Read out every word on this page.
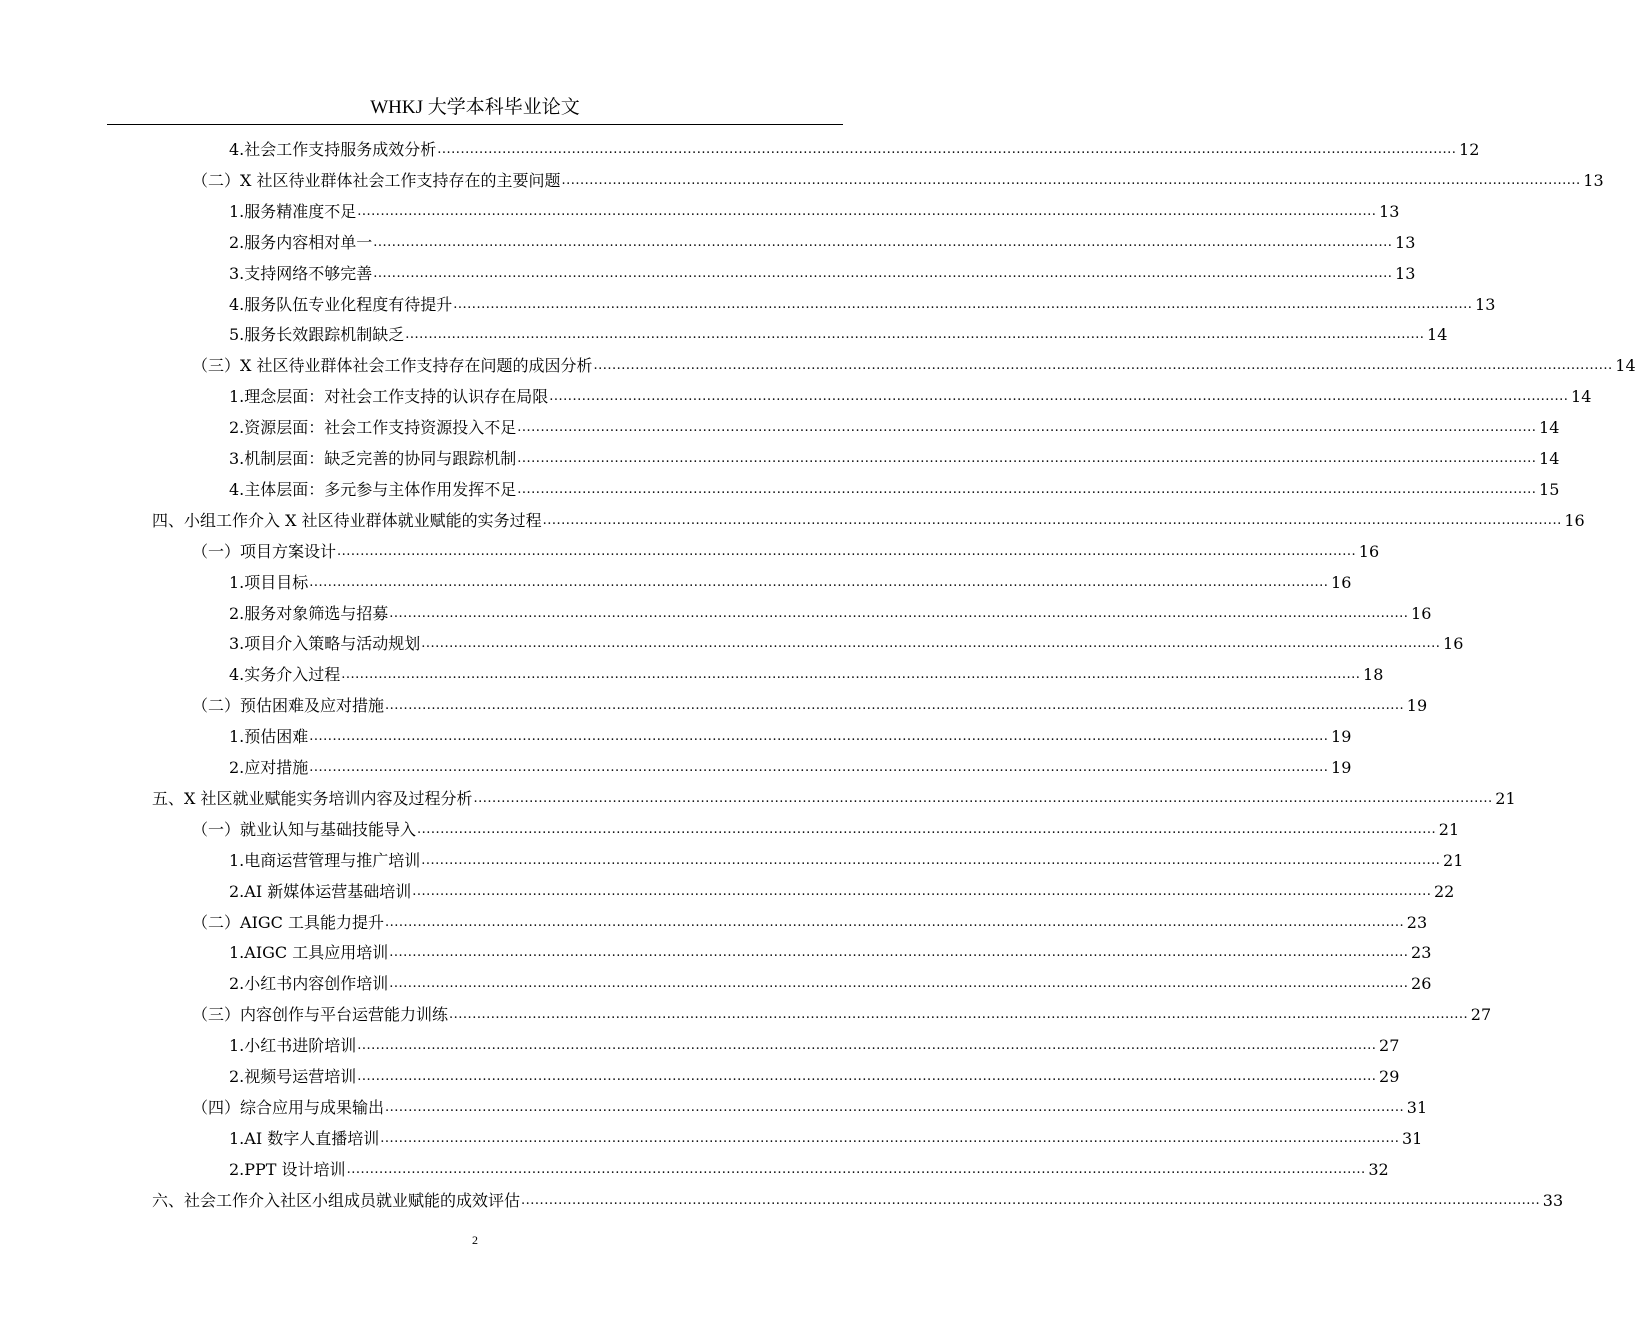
WHKJ 大学本科毕业论文
4. 社会工作支持服务成效分析 ............................................................................................................................................................................................................................ 12
（二） X 社区待业群体社会工作支持存在的主要问题 ............................................................................................................................................................................................................................ 13
1. 服务精准度不足 ............................................................................................................................................................................................................................ 13
2. 服务内容相对单一 ............................................................................................................................................................................................................................ 13
3. 支持网络不够完善 ............................................................................................................................................................................................................................ 13
4. 服务队伍专业化程度有待提升 ............................................................................................................................................................................................................................ 13
5. 服务长效跟踪机制缺乏 ............................................................................................................................................................................................................................ 14
（三） X 社区待业群体社会工作支持存在问题的成因分析 ............................................................................................................................................................................................................................ 14
1. 理念层面：对社会工作支持的认识存在局限 ............................................................................................................................................................................................................................ 14
2. 资源层面：社会工作支持资源投入不足 ............................................................................................................................................................................................................................ 14
3. 机制层面：缺乏完善的协同与跟踪机制 ............................................................................................................................................................................................................................ 14
4. 主体层面：多元参与主体作用发挥不足 ............................................................................................................................................................................................................................ 15
四、 小组工作介入 X 社区待业群体就业赋能的实务过程 ............................................................................................................................................................................................................................ 16
（一） 项目方案设计 ............................................................................................................................................................................................................................ 16
1. 项目目标 ............................................................................................................................................................................................................................ 16
2. 服务对象筛选与招募 ............................................................................................................................................................................................................................ 16
3. 项目介入策略与活动规划 ............................................................................................................................................................................................................................ 16
4. 实务介入过程 ............................................................................................................................................................................................................................ 18
（二） 预估困难及应对措施 ............................................................................................................................................................................................................................ 19
1. 预估困难 ............................................................................................................................................................................................................................ 19
2. 应对措施 ............................................................................................................................................................................................................................ 19
五、 X 社区就业赋能实务培训内容及过程分析 ............................................................................................................................................................................................................................ 21
（一） 就业认知与基础技能导入 ............................................................................................................................................................................................................................ 21
1. 电商运营管理与推广培训 ............................................................................................................................................................................................................................ 21
2. AI 新媒体运营基础培训 ............................................................................................................................................................................................................................ 22
（二） AIGC 工具能力提升 ............................................................................................................................................................................................................................ 23
1. AIGC 工具应用培训 ............................................................................................................................................................................................................................ 23
2. 小红书内容创作培训 ............................................................................................................................................................................................................................ 26
（三） 内容创作与平台运营能力训练 ............................................................................................................................................................................................................................ 27
1. 小红书进阶培训 ............................................................................................................................................................................................................................ 27
2. 视频号运营培训 ............................................................................................................................................................................................................................ 29
（四） 综合应用与成果输出 ............................................................................................................................................................................................................................ 31
1. AI 数字人直播培训 ............................................................................................................................................................................................................................ 31
2. PPT 设计培训 ............................................................................................................................................................................................................................ 32
六、 社会工作介入社区小组成员就业赋能的成效评估 ............................................................................................................................................................................................................................ 33
2
